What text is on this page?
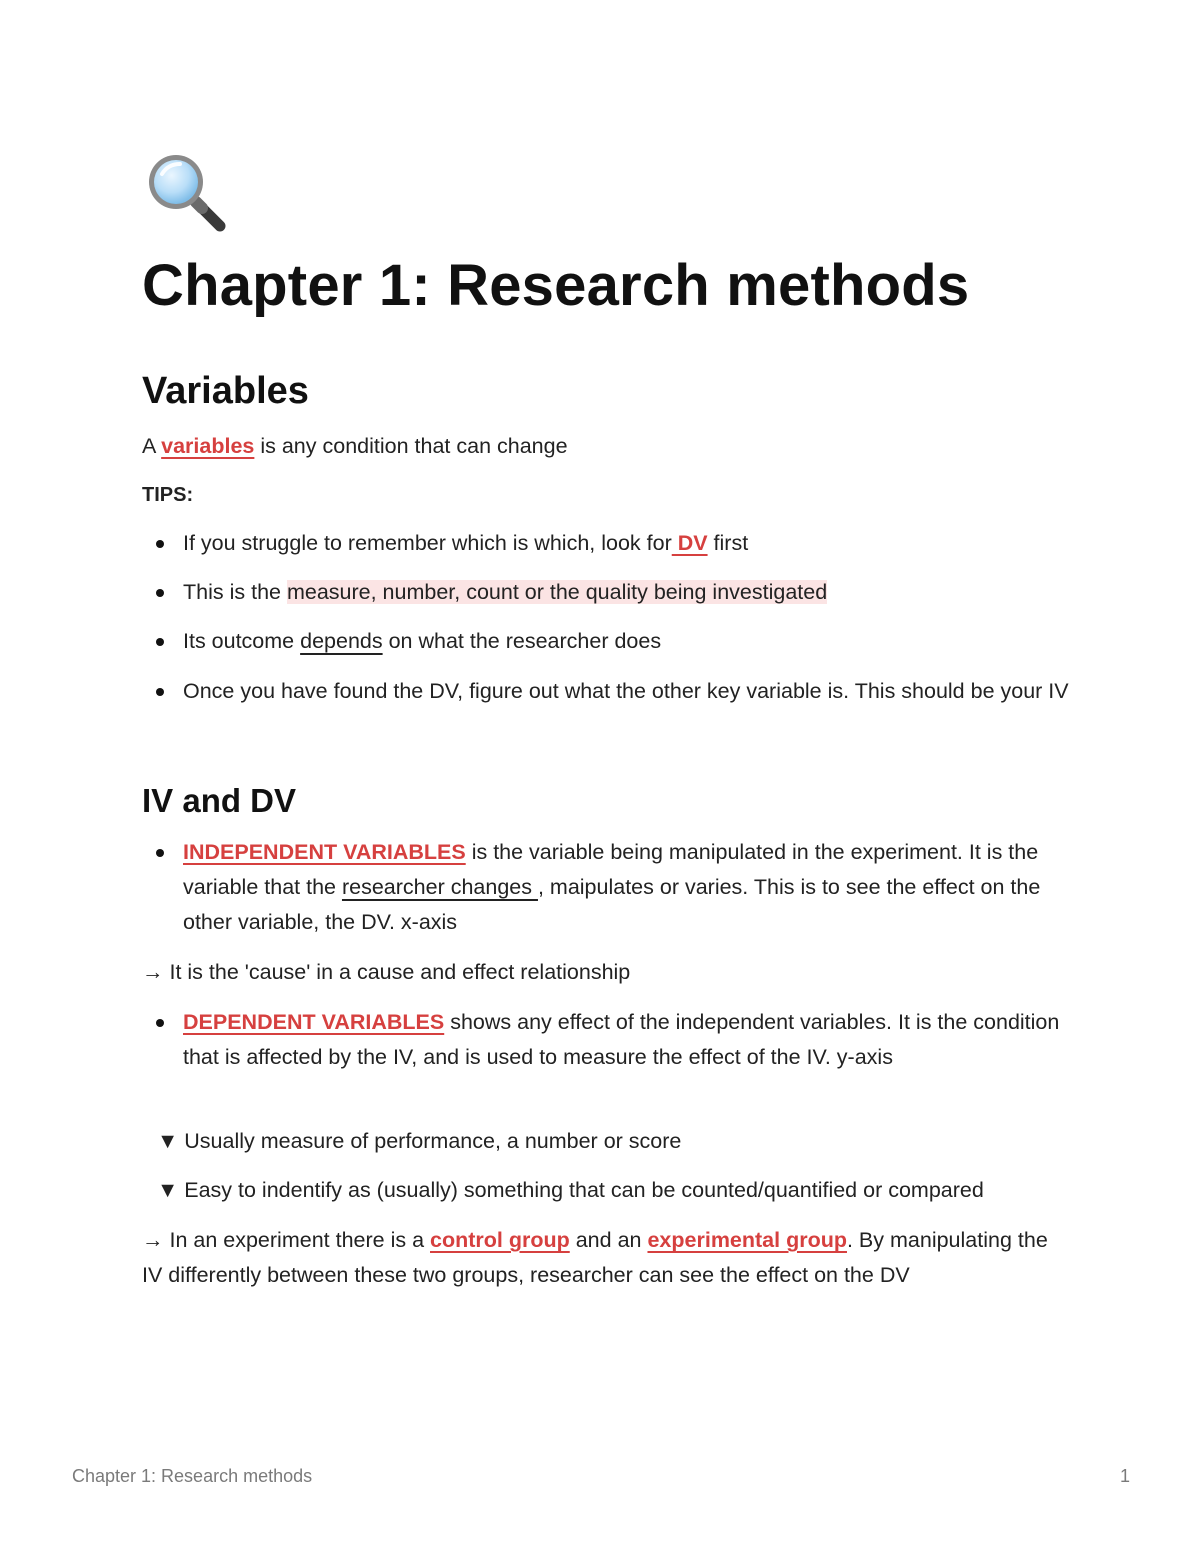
Chapter 1: Research methods
Variables
A variables is any condition that can change
TIPS:
If you struggle to remember which is which, look for DV first
This is the measure, number, count or the quality being investigated
Its outcome depends on what the researcher does
Once you have found the DV, figure out what the other key variable is. This should be your IV
IV and DV
INDEPENDENT VARIABLES is the variable being manipulated in the experiment. It is the variable that the researcher changes , maipulates or varies. This is to see the effect on the other variable, the DV. x-axis
→ It is the 'cause' in a cause and effect relationship
DEPENDENT VARIABLES shows any effect of the independent variables. It is the condition that is affected by the IV, and is used to measure the effect of the IV. y-axis
▼ Usually measure of performance, a number or score
▼ Easy to indentify as (usually) something that can be counted/quantified or compared
→ In an experiment there is a control group and an experimental group. By manipulating the IV differently between these two groups, researcher can see the effect on the DV
Chapter 1: Research methods	1
